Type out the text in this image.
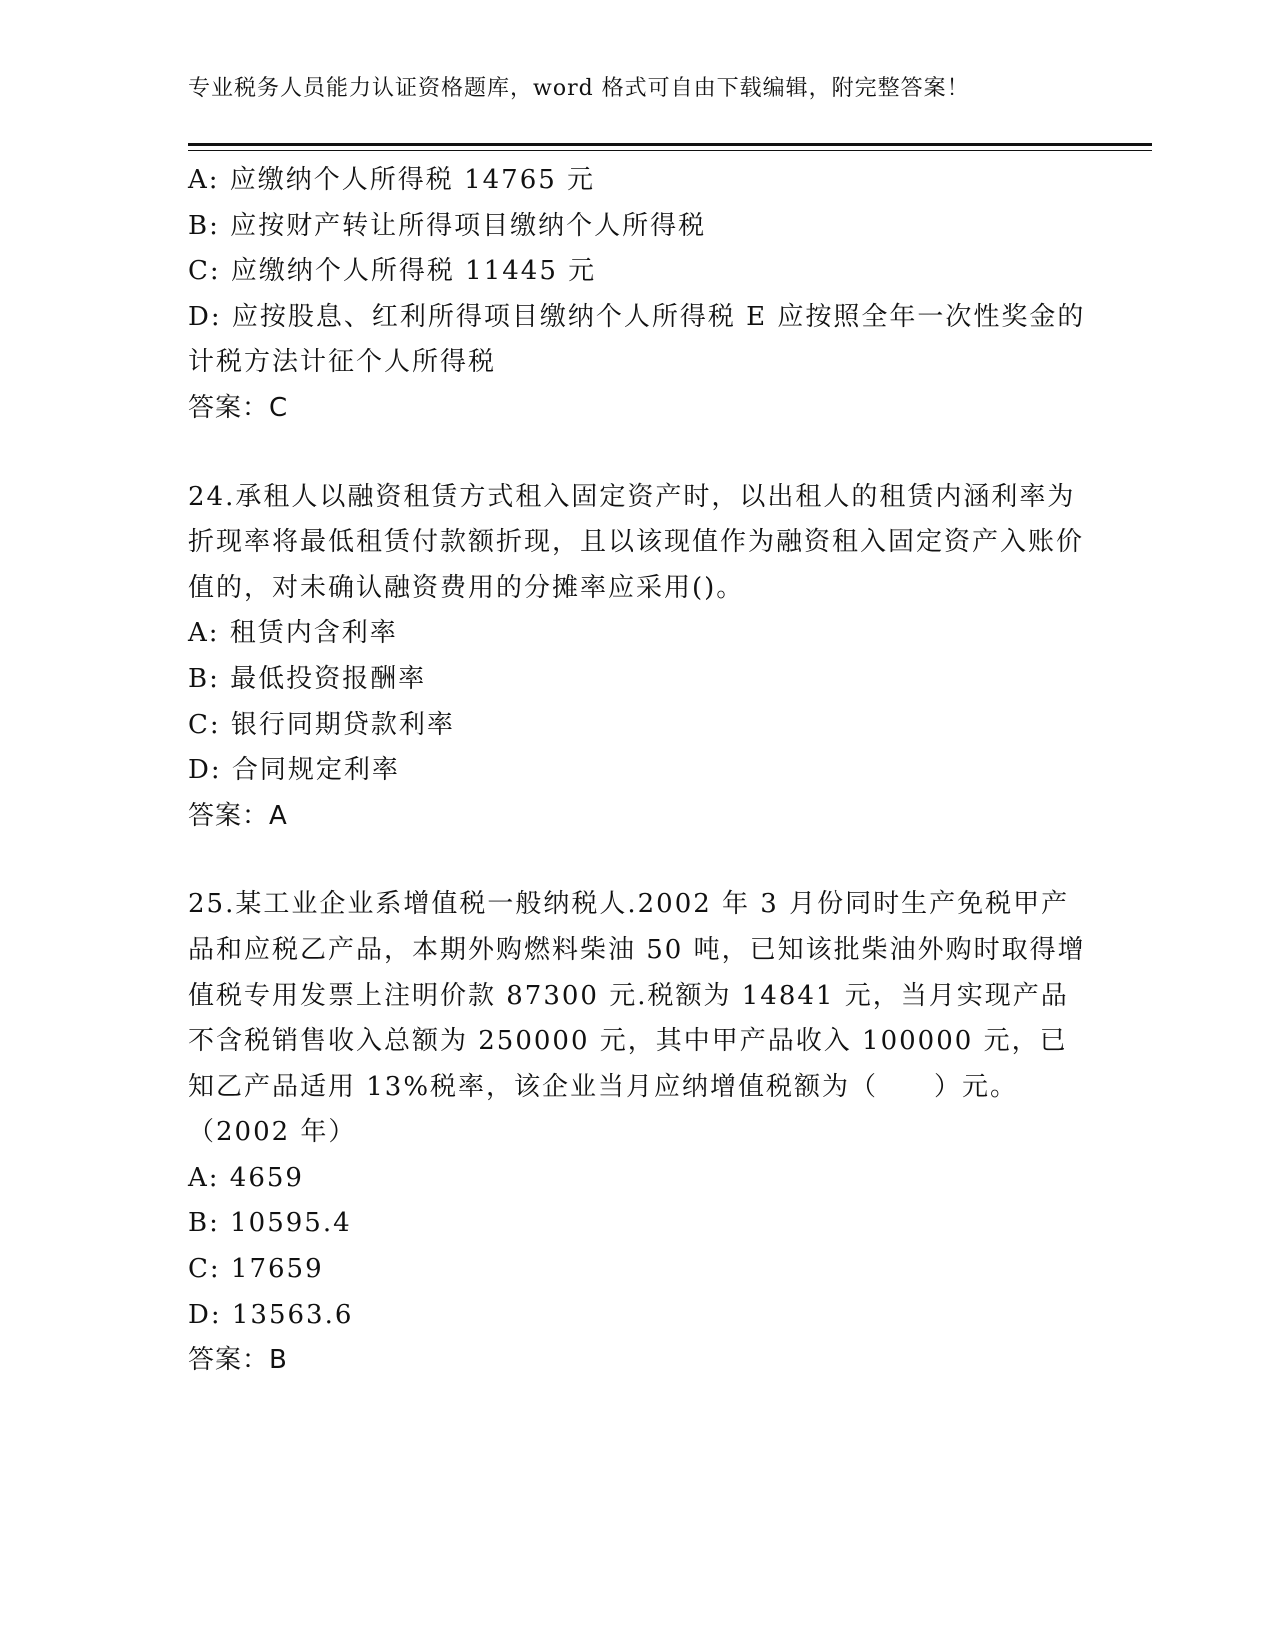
专业税务人员能力认证资格题库，word 格式可自由下载编辑，附完整答案！
A: 应缴纳个人所得税 14765 元
B: 应按财产转让所得项目缴纳个人所得税
C: 应缴纳个人所得税 11445 元
D: 应按股息、红利所得项目缴纳个人所得税 E 应按照全年一次性奖金的计税方法计征个人所得税
答案：C
24.承租人以融资租赁方式租入固定资产时，以出租人的租赁内涵利率为折现率将最低租赁付款额折现，且以该现值作为融资租入固定资产入账价值的，对未确认融资费用的分摊率应采用()。
A: 租赁内含利率
B: 最低投资报酬率
C: 银行同期贷款利率
D: 合同规定利率
答案：A
25.某工业企业系增值税一般纳税人.2002 年 3 月份同时生产免税甲产品和应税乙产品，本期外购燃料柴油 50 吨，已知该批柴油外购时取得增值税专用发票上注明价款 87300 元.税额为 14841 元，当月实现产品不含税销售收入总额为 250000 元，其中甲产品收入 100000 元，已知乙产品适用 13%税率，该企业当月应纳增值税额为（　　）元。（2002 年）
A: 4659
B: 10595.4
C: 17659
D: 13563.6
答案：B
